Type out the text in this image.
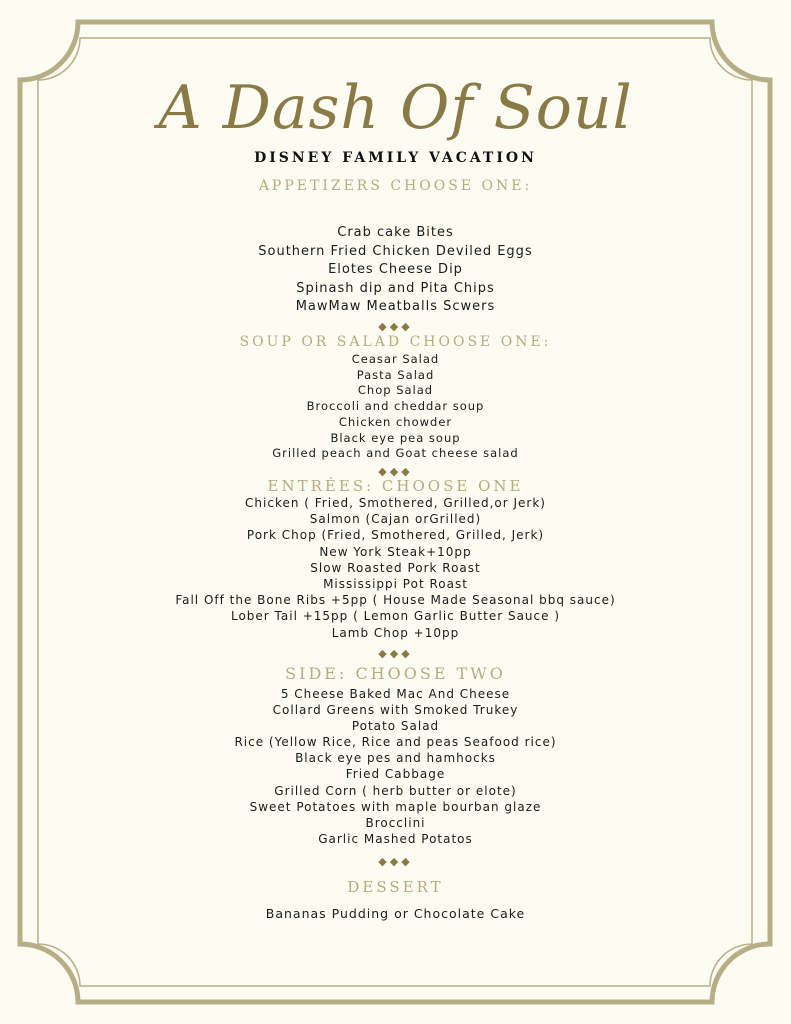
A Dash Of Soul
DISNEY FAMILY VACATION
APPETIZERS CHOOSE ONE:
Crab cake Bites
Southern Fried Chicken Deviled Eggs
Elotes Cheese Dip
Spinash dip and Pita Chips
MawMaw Meatballs Scwers
◆◆◆
SOUP OR SALAD CHOOSE ONE:
Ceasar Salad
Pasta Salad
Chop Salad
Broccoli and cheddar soup
Chicken chowder
Black eye pea soup
Grilled peach and Goat cheese salad
◆◆◆
ENTRÉES: CHOOSE ONE
Chicken ( Fried, Smothered, Grilled,or Jerk)
Salmon (Cajan orGrilled)
Pork Chop (Fried, Smothered, Grilled, Jerk)
New York Steak+10pp
Slow Roasted Pork Roast
Mississippi Pot Roast
Fall Off the Bone Ribs +5pp ( House Made Seasonal bbq sauce)
Lober Tail +15pp ( Lemon Garlic Butter Sauce )
Lamb Chop +10pp
◆◆◆
SIDE: CHOOSE TWO
5 Cheese Baked Mac And Cheese
Collard Greens with Smoked Trukey
Potato Salad
Rice (Yellow Rice, Rice and peas Seafood rice)
Black eye pes and hamhocks
Fried Cabbage
Grilled Corn ( herb butter or elote)
Sweet Potatoes with maple bourban glaze
Brocclini
Garlic Mashed Potatos
◆◆◆
DESSERT
Bananas Pudding or Chocolate Cake
